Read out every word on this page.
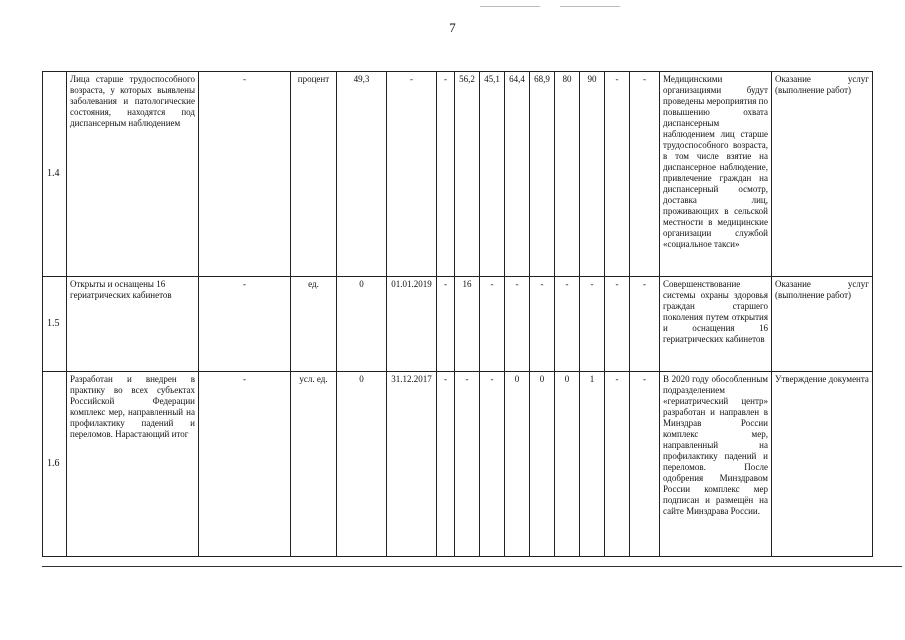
7
1.4	Лица старше трудоспособного возраста, у которых выявлены заболевания и патологические состояния, находятся под диспансерным наблюдением	-	процент	49,3	-	-	56,2	45,1	64,4	68,9	80	90	-	-	Медицинскими организациями будут проведены мероприятия по повышению охвата диспансерным наблюдением лиц старше трудоспособного возраста, в том числе взятие на диспансерное наблюдение, привлечение граждан на диспансерный осмотр, доставка лиц, проживающих в сельской местности в медицинские организации службой «социальное такси»	Оказание услуг (выполнение работ)
1.5	Открыты и оснащены 16 гериатрических кабинетов	-	ед.	0	01.01.2019	-	16	-	-	-	-	-	-	-	Совершенствование системы охраны здоровья граждан старшего поколения путем открытия и оснащения 16 гериатрических кабинетов	Оказание услуг (выполнение работ)
1.6	Разработан и внедрен в практику во всех субъектах Российской Федерации комплекс мер, направленный на профилактику падений и переломов. Нарастающий итог	-	усл. ед.	0	31.12.2017	-	-	-	0	0	0	1	-	-	В 2020 году обособленным подразделением «гериатрический центр» разработан и направлен в Минздрав России комплекс мер, направленный на профилактику падений и переломов. После одобрения Минздравом России комплекс мер подписан и размещён на сайте Минздрава России.	Утверждение документа
